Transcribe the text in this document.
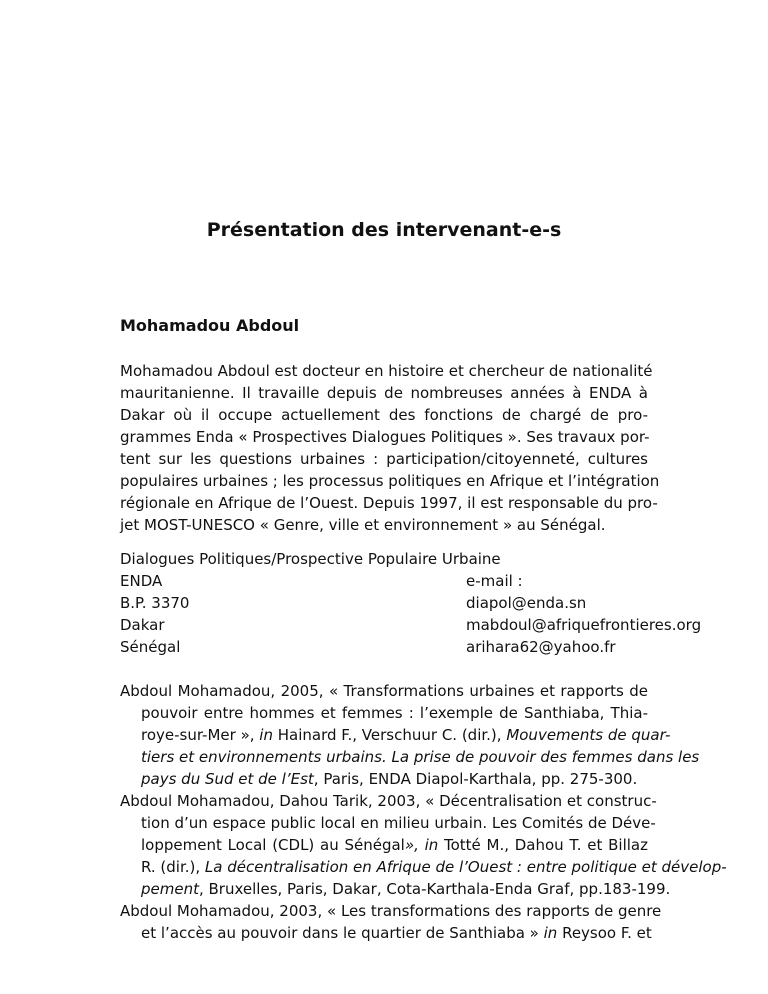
Présentation des intervenant-e-s
Mohamadou Abdoul
Mohamadou Abdoul est docteur en histoire et chercheur de nationalité
mauritanienne. Il travaille depuis de nombreuses années à ENDA à
Dakar où il occupe actuellement des fonctions de chargé de pro-
grammes Enda « Prospectives Dialogues Politiques ». Ses travaux por-
tent sur les questions urbaines : participation/citoyenneté, cultures
populaires urbaines ; les processus politiques en Afrique et l’intégration
régionale en Afrique de l’Ouest. Depuis 1997, il est responsable du pro-
jet MOST-UNESCO « Genre, ville et environnement » au Sénégal.
Dialogues Politiques/Prospective Populaire Urbaine
ENDA	e-mail :
B.P. 3370	diapol@enda.sn
Dakar	mabdoul@afriquefrontieres.org
Sénégal	arihara62@yahoo.fr
Abdoul Mohamadou, 2005, « Transformations urbaines et rapports de
pouvoir entre hommes et femmes : l’exemple de Santhiaba, Thia-
roye-sur-Mer », in Hainard F., Verschuur C. (dir.), Mouvements de quar-
tiers et environnements urbains. La prise de pouvoir des femmes dans les
pays du Sud et de l’Est, Paris, ENDA Diapol-Karthala, pp. 275-300.
Abdoul Mohamadou, Dahou Tarik, 2003, « Décentralisation et construc-
tion d’un espace public local en milieu urbain. Les Comités de Déve-
loppement Local (CDL) au Sénégal», in Totté M., Dahou T. et Billaz
R. (dir.), La décentralisation en Afrique de l’Ouest : entre politique et dévelop-
pement, Bruxelles, Paris, Dakar, Cota-Karthala-Enda Graf, pp.183-199.
Abdoul Mohamadou, 2003, « Les transformations des rapports de genre
et l’accès au pouvoir dans le quartier de Santhiaba » in Reysoo F. et
